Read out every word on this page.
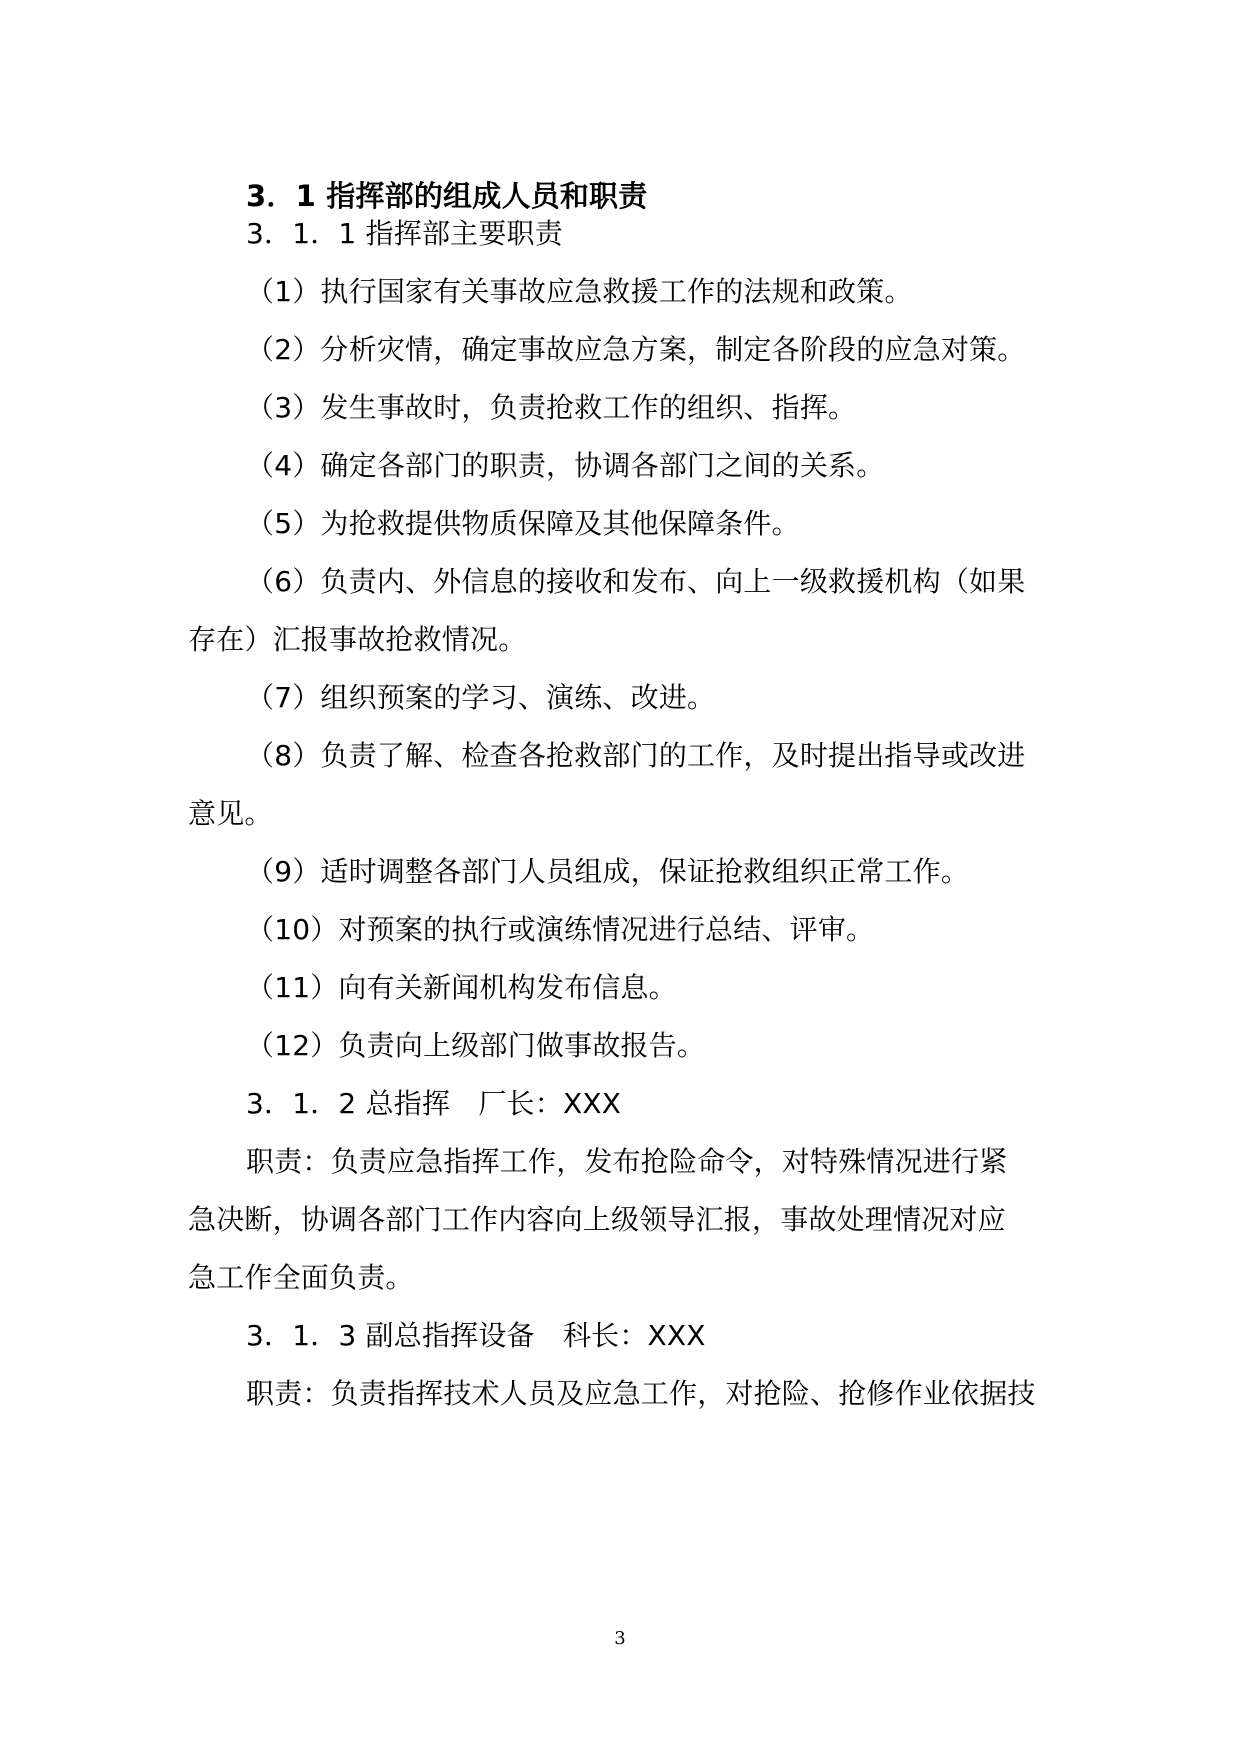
3．1 指挥部的组成人员和职责
3．1．1 指挥部主要职责
（1）执行国家有关事故应急救援工作的法规和政策。
（2）分析灾情，确定事故应急方案，制定各阶段的应急对策。
（3）发生事故时，负责抢救工作的组织、指挥。
（4）确定各部门的职责，协调各部门之间的关系。
（5）为抢救提供物质保障及其他保障条件。
（6）负责内、外信息的接收和发布、向上一级救援机构（如果
存在）汇报事故抢救情况。
（7）组织预案的学习、演练、改进。
（8）负责了解、检查各抢救部门的工作，及时提出指导或改进
意见。
（9）适时调整各部门人员组成，保证抢救组织正常工作。
（10）对预案的执行或演练情况进行总结、评审。
（11）向有关新闻机构发布信息。
（12）负责向上级部门做事故报告。
3．1．2 总指挥　厂长：XXX
职责：负责应急指挥工作，发布抢险命令，对特殊情况进行紧
急决断，协调各部门工作内容向上级领导汇报，事故处理情况对应
急工作全面负责。
3．1．3 副总指挥设备　科长：XXX
职责：负责指挥技术人员及应急工作，对抢险、抢修作业依据技
3
